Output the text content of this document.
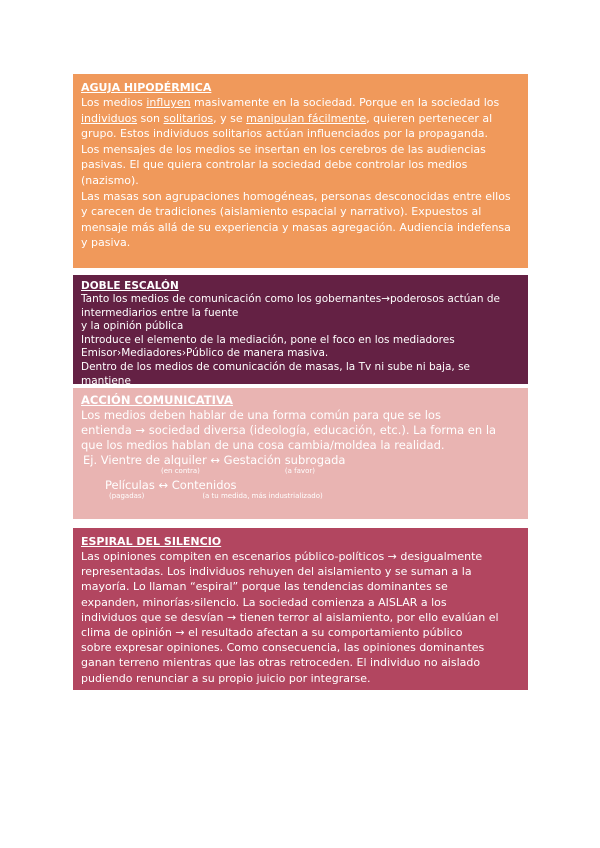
AGUJA HIPODÉRMICA

Los medios influyen masivamente en la sociedad. Porque en la sociedad los
individuos son solitarios, y se manipulan fácilmente, quieren pertenecer al
grupo. Estos individuos solitarios actúan influenciados por la propaganda.
Los mensajes de los medios se insertan en los cerebros de las audiencias
pasivas. El que quiera controlar la sociedad debe controlar los medios
(nazismo).
Las masas son agrupaciones homogéneas, personas desconocidas entre ellos
y carecen de tradiciones (aislamiento espacial y narrativo). Expuestos al
mensaje más allá de su experiencia y masas agregación. Audiencia indefensa
y pasiva.

DOBLE ESCALÓN

Tanto los medios de comunicación como los gobernantes→poderosos actúan de
intermediarios entre la fuente
y la opinión pública
Introduce el elemento de la mediación, pone el foco en los mediadores
Emisor›Mediadores›Público de manera masiva.
Dentro de los medios de comunicación de masas, la Tv ni sube ni baja, se mantiene

ACCIÓN COMUNICATIVA

Los medios deben hablar de una forma común para que se los
entienda → sociedad diversa (ideología, educación, etc.). La forma en la
que los medios hablan de una cosa cambia/moldea la realidad.

Ej. Vientre de alquiler ↔ Gestación subrogada
(en contra)	(a favor)
Películas ↔ Contenidos
(pagadas)	(a tu medida, más industrializado)
ESPIRAL DEL SILENCIO

Las opiniones compiten en escenarios público-políticos → desigualmente
representadas. Los individuos rehuyen del aislamiento y se suman a la
mayoría. Lo llaman “espiral” porque las tendencias dominantes se
expanden, minorías›silencio. La sociedad comienza a AISLAR a los
individuos que se desvían → tienen terror al aislamiento, por ello evalúan el
clima de opinión → el resultado afectan a su comportamiento público
sobre expresar opiniones. Como consecuencia, las opiniones dominantes
ganan terreno mientras que las otras retroceden. El individuo no aislado
pudiendo renunciar a su propio juicio por integrarse.
